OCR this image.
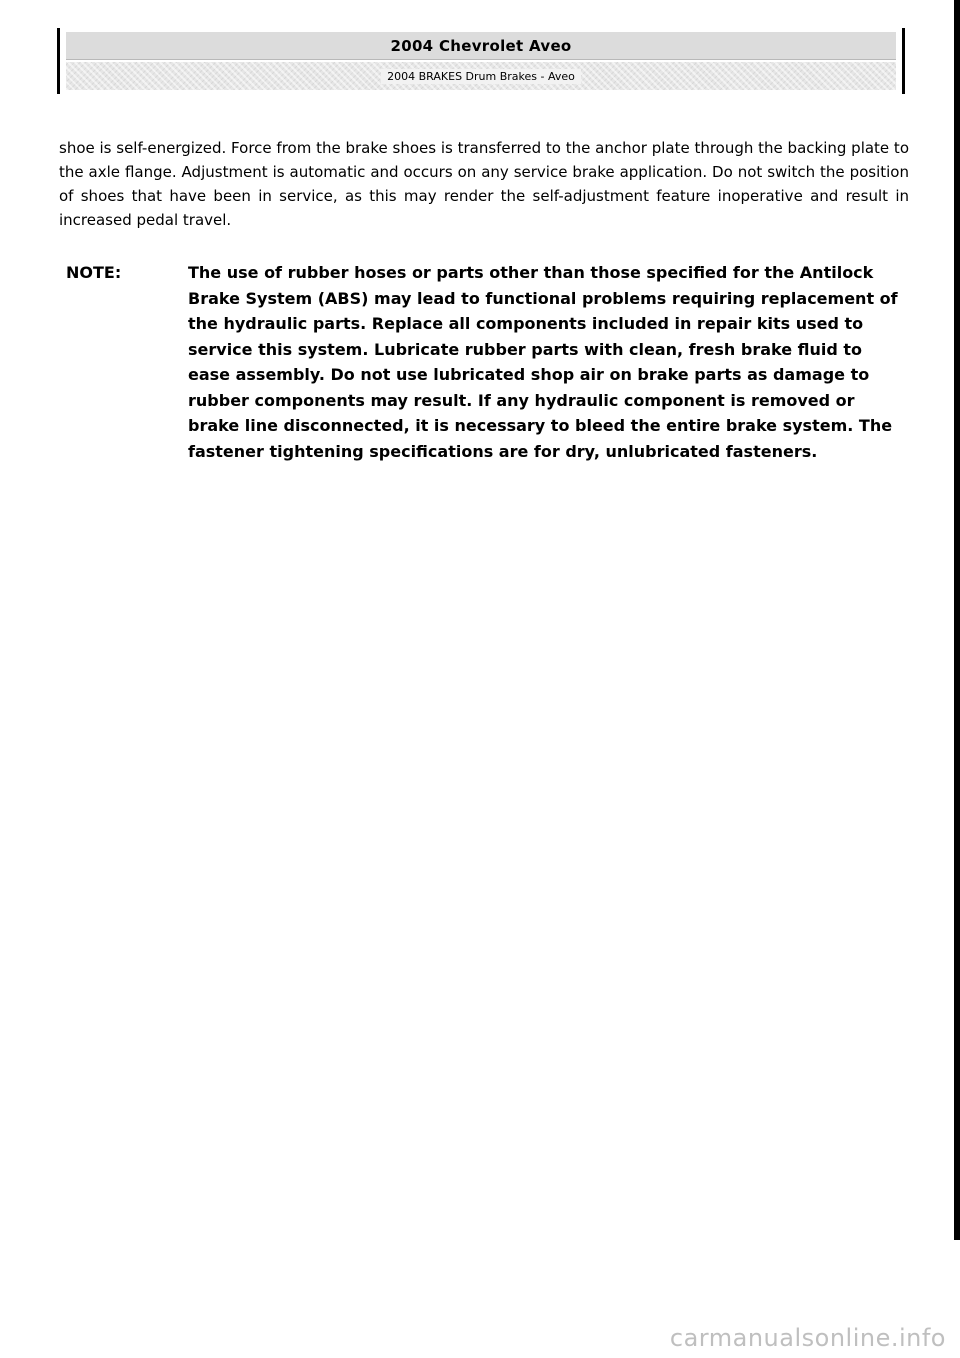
2004 Chevrolet Aveo
2004 BRAKES Drum Brakes - Aveo

shoe is self-energized. Force from the brake shoes is transferred to the anchor plate through the backing plate to the axle flange. Adjustment is automatic and occurs on any service brake application. Do not switch the position of shoes that have been in service, as this may render the self-adjustment feature inoperative and result in increased pedal travel.

NOTE:	The use of rubber hoses or parts other than those specified for the Antilock Brake System (ABS) may lead to functional problems requiring replacement of the hydraulic parts. Replace all components included in repair kits used to service this system. Lubricate rubber parts with clean, fresh brake fluid to ease assembly. Do not use lubricated shop air on brake parts as damage to rubber components may result. If any hydraulic component is removed or brake line disconnected, it is necessary to bleed the entire brake system. The fastener tightening specifications are for dry, unlubricated fasteners.

carmanualsonline.info
